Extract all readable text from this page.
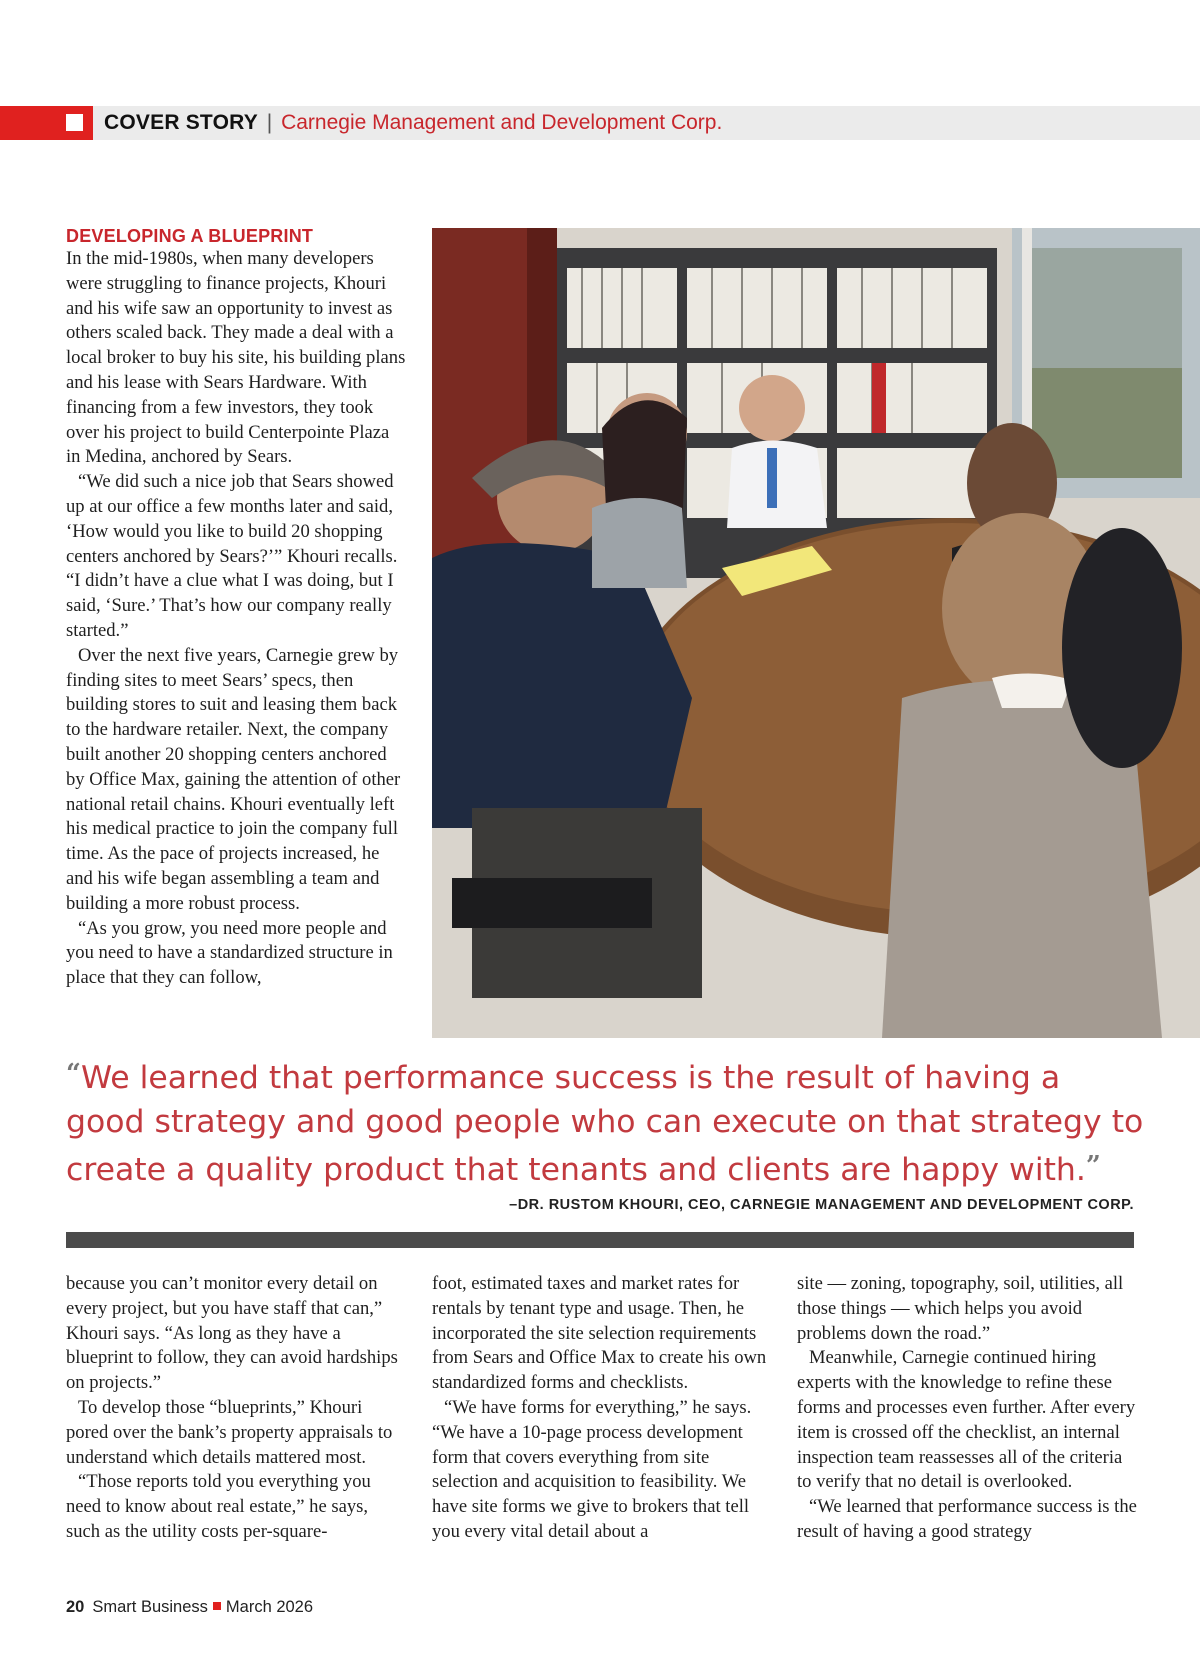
COVER STORY | Carnegie Management and Development Corp.
DEVELOPING A BLUEPRINT

In the mid-1980s, when many developers were struggling to finance projects, Khouri and his wife saw an opportunity to invest as others scaled back. They made a deal with a local broker to buy his site, his building plans and his lease with Sears Hardware. With financing from a few investors, they took over his project to build Centerpointe Plaza in Medina, anchored by Sears.

“We did such a nice job that Sears showed up at our office a few months later and said, ‘How would you like to build 20 shopping centers anchored by Sears?’” Khouri recalls. “I didn’t have a clue what I was doing, but I said, ‘Sure.’ That’s how our company really started.”

Over the next five years, Carnegie grew by finding sites to meet Sears’ specs, then building stores to suit and leasing them back to the hardware retailer. Next, the company built another 20 shopping centers anchored by Office Max, gaining the attention of other national retail chains. Khouri eventually left his medical practice to join the company full time. As the pace of projects increased, he and his wife began assembling a team and building a more robust process.

“As you grow, you need more people and you need to have a standardized structure in place that they can follow,

“We learned that performance success is the result of having a good strategy and good people who can execute on that strategy to create a quality product that tenants and clients are happy with.”
–DR. RUSTOM KHOURI, CEO, CARNEGIE MANAGEMENT AND DEVELOPMENT CORP.

because you can’t monitor every detail on every project, but you have staff that can,” Khouri says. “As long as they have a blueprint to follow, they can avoid hardships on projects.”

To develop those “blueprints,” Khouri pored over the bank’s property appraisals to understand which details mattered most.

“Those reports told you everything you need to know about real estate,” he says, such as the utility costs per-square-

foot, estimated taxes and market rates for rentals by tenant type and usage. Then, he incorporated the site selection requirements from Sears and Office Max to create his own standardized forms and checklists.

“We have forms for everything,” he says. “We have a 10-page process development form that covers everything from site selection and acquisition to feasibility. We have site forms we give to brokers that tell you every vital detail about a

site — zoning, topography, soil, utilities, all those things — which helps you avoid problems down the road.”

Meanwhile, Carnegie continued hiring experts with the knowledge to refine these forms and processes even further. After every item is crossed off the checklist, an internal inspection team reassesses all of the criteria to verify that no detail is overlooked.

“We learned that performance success is the result of having a good strategy

20 Smart Business March 2026
